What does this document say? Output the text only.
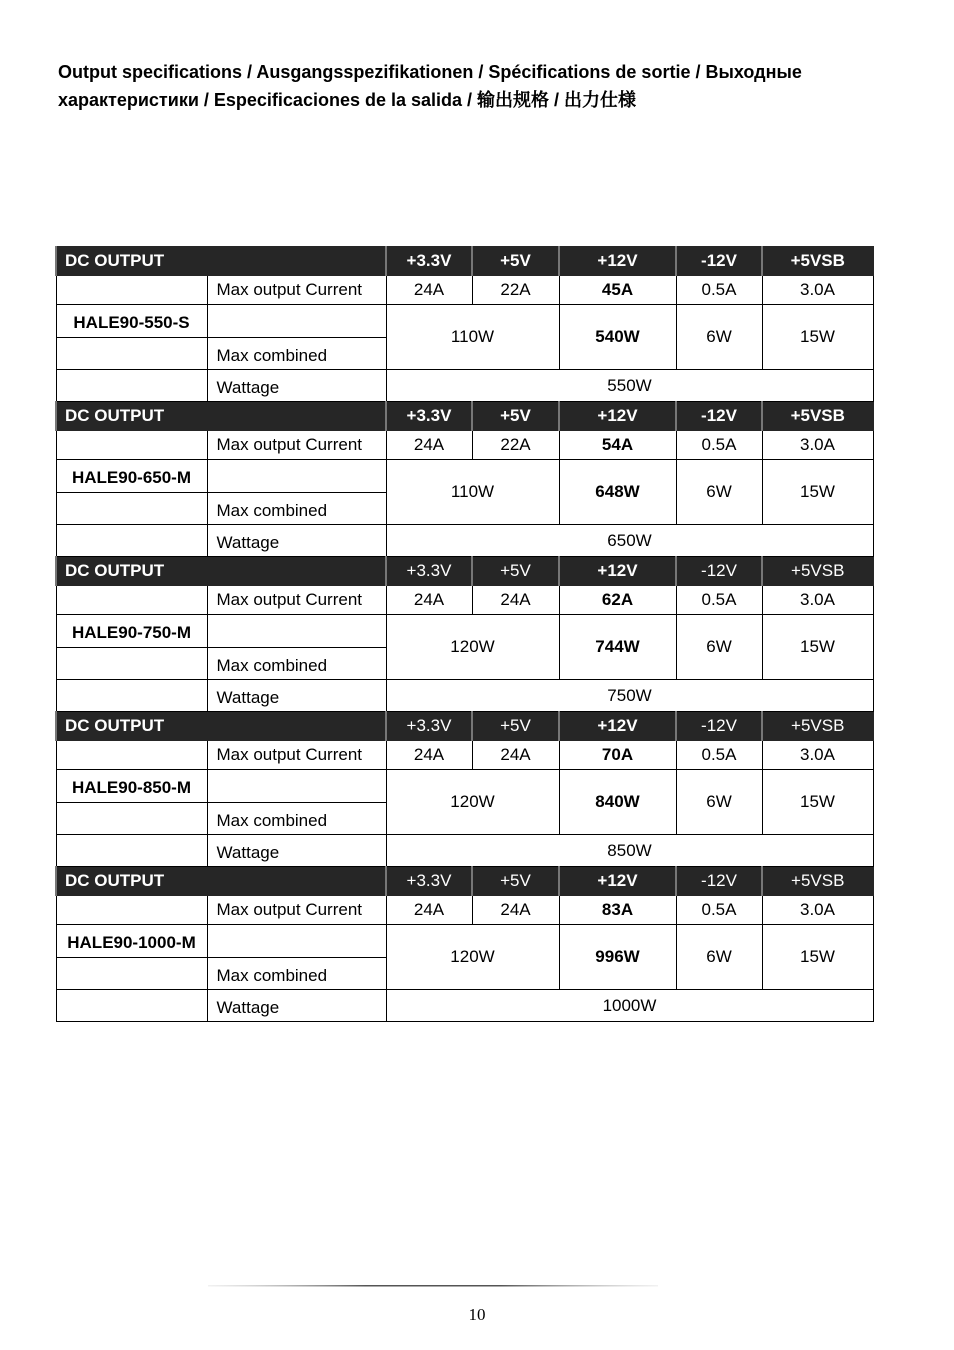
Output specifications / Ausgangsspezifikationen / Spécifications de sortie / Выходные
характеристики / Especificaciones de la salida / 输出规格 / 出力仕様
DC OUTPUT		+3.3V	+5V	+12V	-12V	+5VSB
	Max output Current	24A	22A	45A	0.5A	3.0A
HALE90-550-S		110W		540W	6W	15W
	Max combined					
	Wattage	550W				
DC OUTPUT		+3.3V	+5V	+12V	-12V	+5VSB
	Max output Current	24A	22A	54A	0.5A	3.0A
HALE90-650-M		110W		648W	6W	15W
	Max combined					
	Wattage	650W				
DC OUTPUT		+3.3V	+5V	+12V	-12V	+5VSB
	Max output Current	24A	24A	62A	0.5A	3.0A
HALE90-750-M		120W		744W	6W	15W
	Max combined					
	Wattage	750W				
DC OUTPUT		+3.3V	+5V	+12V	-12V	+5VSB
	Max output Current	24A	24A	70A	0.5A	3.0A
HALE90-850-M		120W		840W	6W	15W
	Max combined					
	Wattage	850W				
DC OUTPUT		+3.3V	+5V	+12V	-12V	+5VSB
	Max output Current	24A	24A	83A	0.5A	3.0A
HALE90-1000-M		120W		996W	6W	15W
	Max combined					
	Wattage	1000W				
10
